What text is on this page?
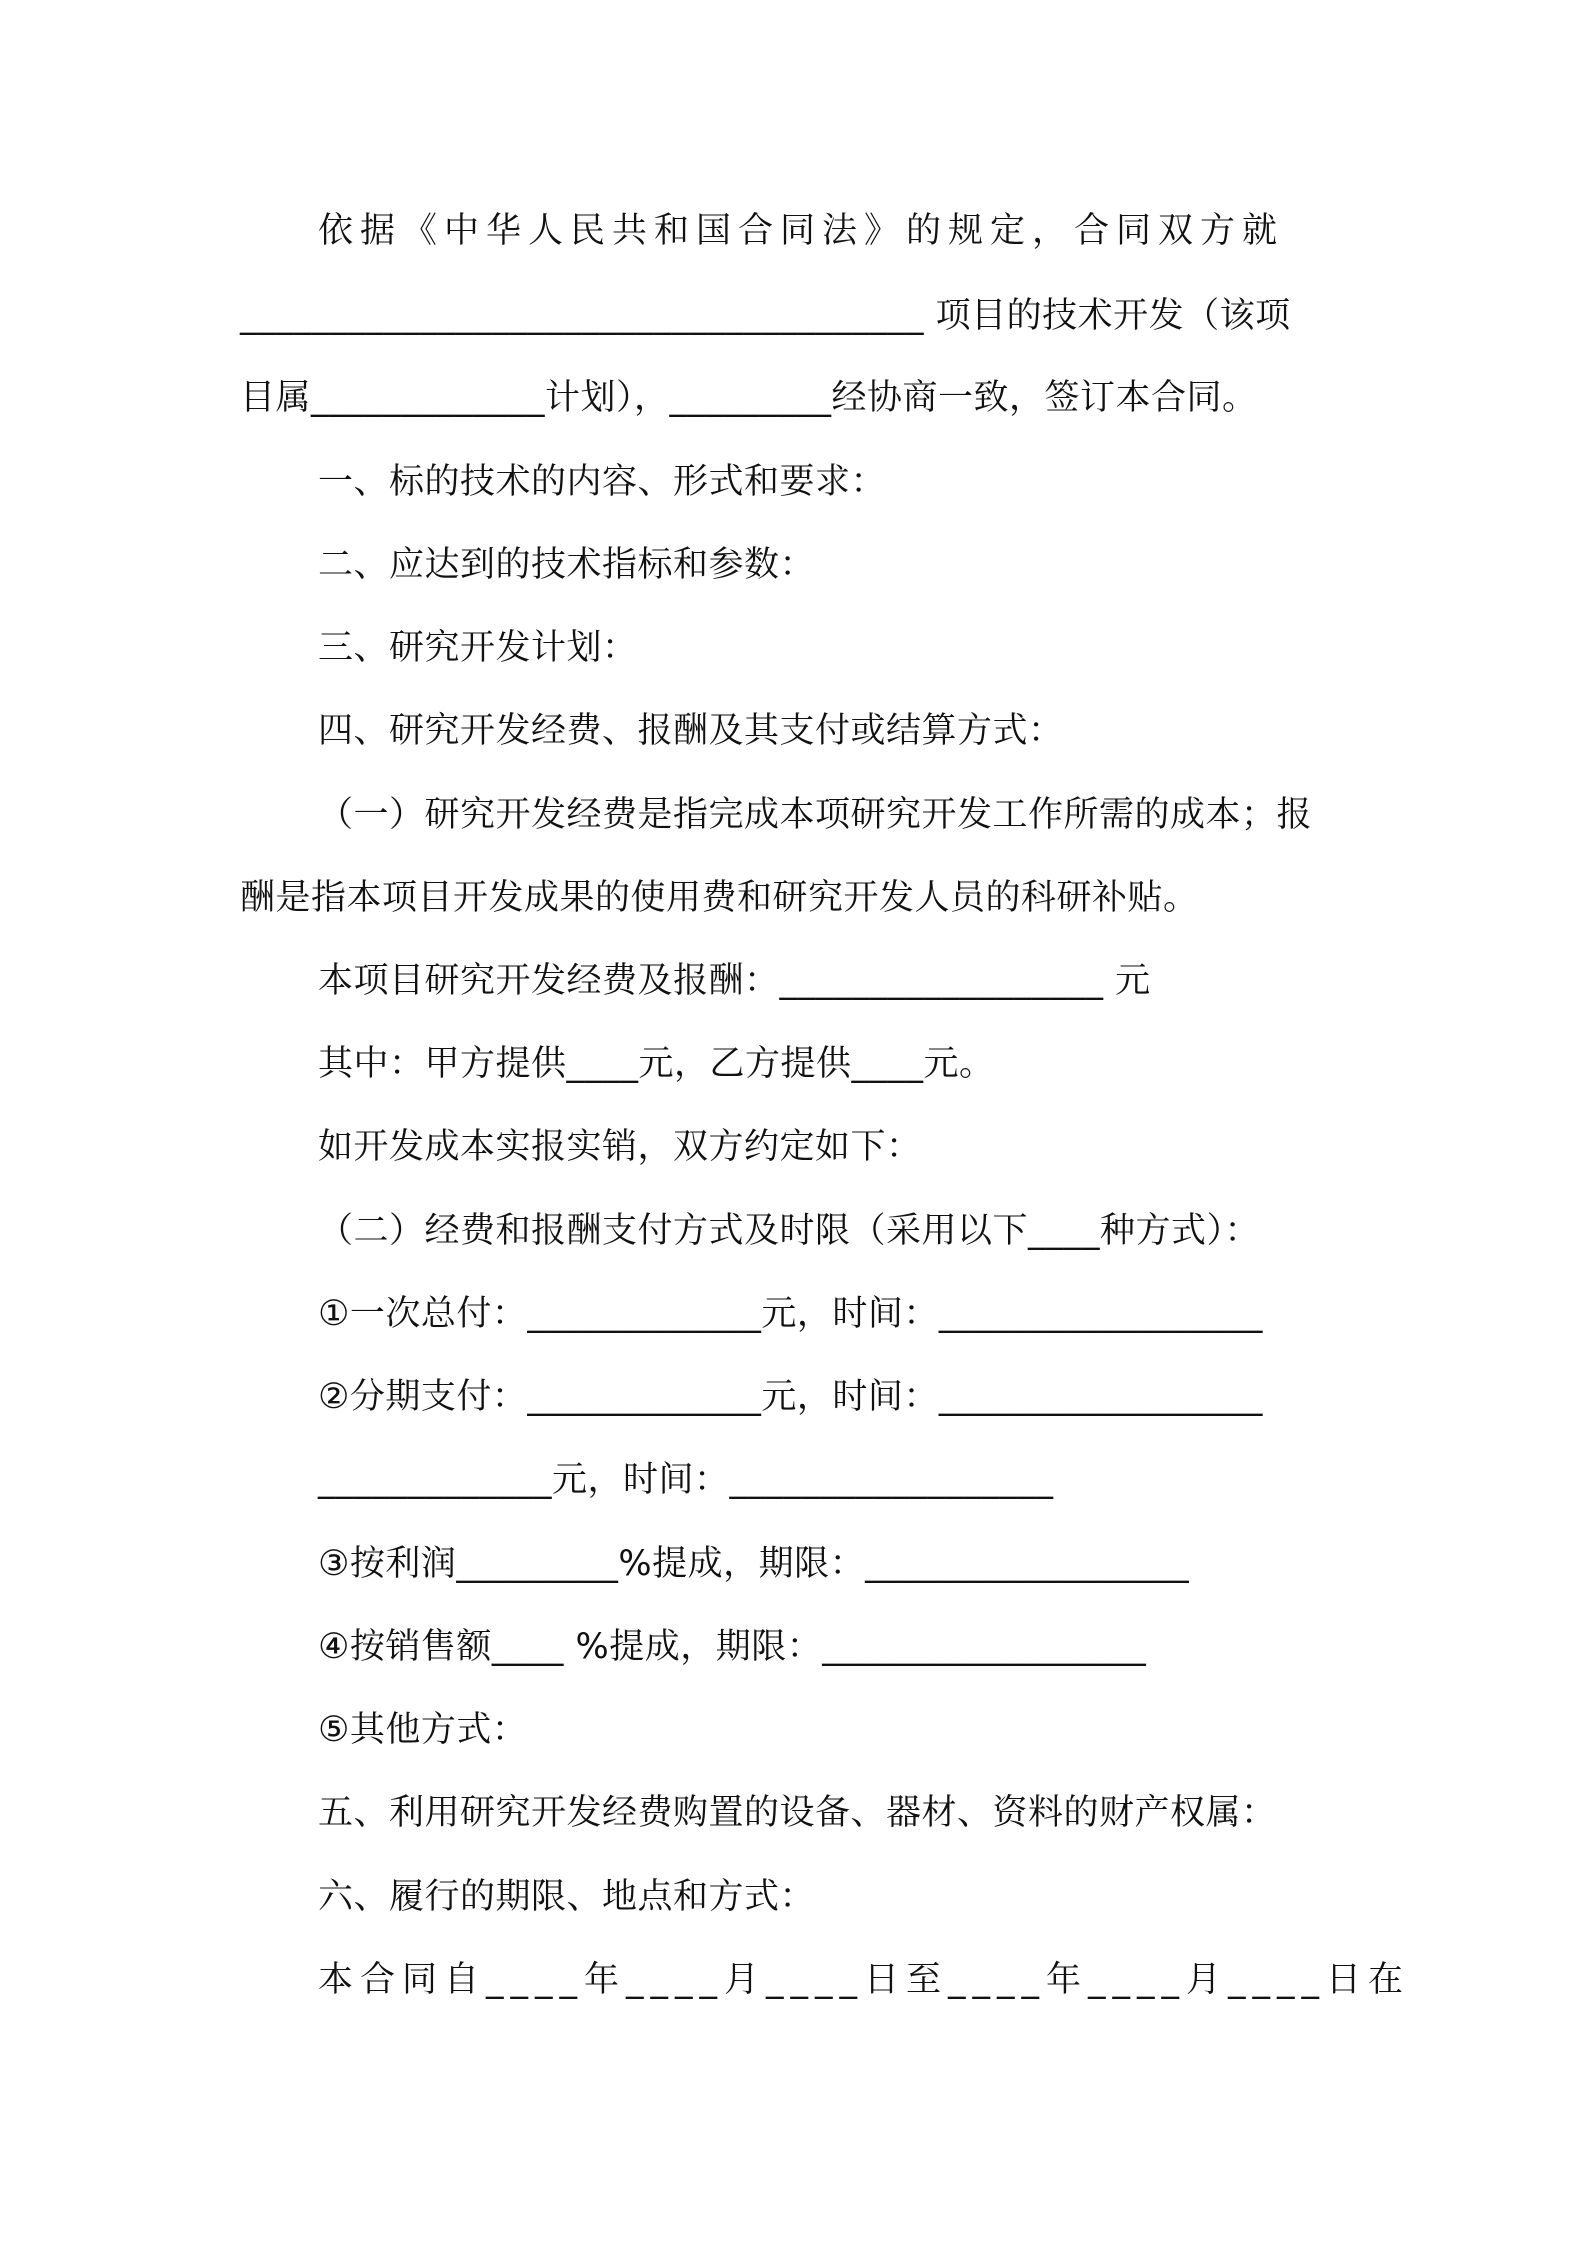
依据《中华人民共和国合同法》的规定，合同双方就
______________________________________ 项目的技术开发（该项
目属_____________计划），_________经协商一致，签订本合同。
一、标的技术的内容、形式和要求：
二、应达到的技术指标和参数：
三、研究开发计划：
四、研究开发经费、报酬及其支付或结算方式：
（一）研究开发经费是指完成本项研究开发工作所需的成本；报
酬是指本项目开发成果的使用费和研究开发人员的科研补贴。
本项目研究开发经费及报酬：__________________ 元
其中：甲方提供____元，乙方提供____元。
如开发成本实报实销，双方约定如下：
（二）经费和报酬支付方式及时限（采用以下____种方式）：
①一次总付：_____________元，时间：__________________
②分期支付：_____________元，时间：__________________
_____________元，时间：__________________
③按利润_________%提成，期限：__________________
④按销售额____ %提成，期限：__________________
⑤其他方式：
五、利用研究开发经费购置的设备、器材、资料的财产权属：
六、履行的期限、地点和方式：
本合同自____年____月____日至____年____月____日在
